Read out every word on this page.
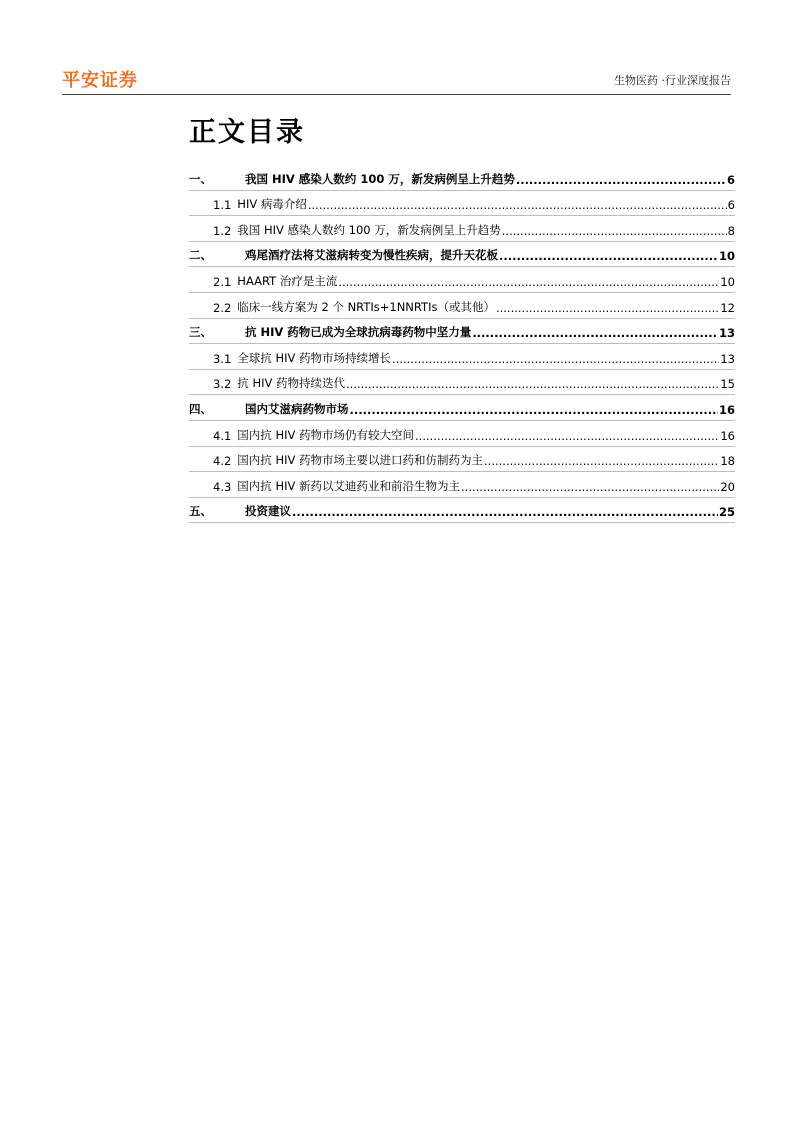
平安证券	生物医药 ·行业深度报告
正文目录
一、	我国 HIV 感染人数约 100 万，新发病例呈上升趋势 .....	6
1.1 HIV 病毒介绍 .....	6
1.2 我国 HIV 感染人数约 100 万，新发病例呈上升趋势 .....	8
二、	鸡尾酒疗法将艾滋病转变为慢性疾病，提升天花板 .....	10
2.1 HAART 治疗是主流 .....	10
2.2 临床一线方案为 2 个 NRTIs+1NNRTIs（或其他） .....	12
三、	抗 HIV 药物已成为全球抗病毒药物中坚力量 .....	13
3.1 全球抗 HIV 药物市场持续增长 .....	13
3.2 抗 HIV 药物持续迭代 .....	15
四、	国内艾滋病药物市场 .....	16
4.1 国内抗 HIV 药物市场仍有较大空间 .....	16
4.2 国内抗 HIV 药物市场主要以进口药和仿制药为主 .....	18
4.3 国内抗 HIV 新药以艾迪药业和前沿生物为主 .....	20
五、	投资建议 .....	25
